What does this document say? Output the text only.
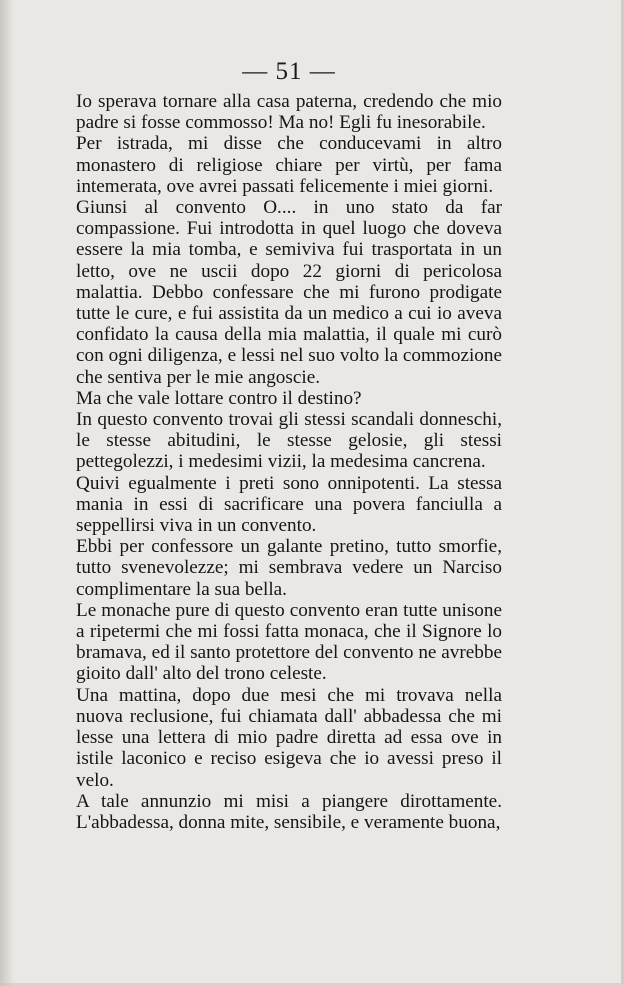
— 51 —

Io sperava tornare alla casa paterna, credendo che mio padre si fosse commosso! Ma no! Egli fu inesorabile.

Per istrada, mi disse che conducevami in altro monastero di religiose chiare per virtù, per fama intemerata, ove avrei passati felicemente i miei giorni.

Giunsi al convento O.... in uno stato da far compassione. Fui introdotta in quel luogo che doveva essere la mia tomba, e semiviva fui trasportata in un letto, ove ne uscii dopo 22 giorni di pericolosa malattia. Debbo confessare che mi furono prodigate tutte le cure, e fui assistita da un medico a cui io aveva confidato la causa della mia malattia, il quale mi curò con ogni diligenza, e lessi nel suo volto la commozione che sentiva per le mie angoscie.

Ma che vale lottare contro il destino?

In questo convento trovai gli stessi scandali donneschi, le stesse abitudini, le stesse gelosie, gli stessi pettegolezzi, i medesimi vizii, la medesima cancrena.

Quivi egualmente i preti sono onnipotenti. La stessa mania in essi di sacrificare una povera fanciulla a seppellirsi viva in un convento.

Ebbi per confessore un galante pretino, tutto smorfie, tutto svenevolezze; mi sembrava vedere un Narciso complimentare la sua bella.

Le monache pure di questo convento eran tutte unisone a ripetermi che mi fossi fatta monaca, che il Signore lo bramava, ed il santo protettore del convento ne avrebbe gioito dall' alto del trono celeste.

Una mattina, dopo due mesi che mi trovava nella nuova reclusione, fui chiamata dall' abbadessa che mi lesse una lettera di mio padre diretta ad essa ove in istile laconico e reciso esigeva che io avessi preso il velo.

A tale annunzio mi misi a piangere dirottamente. L'abbadessa, donna mite, sensibile, e veramente buona,
